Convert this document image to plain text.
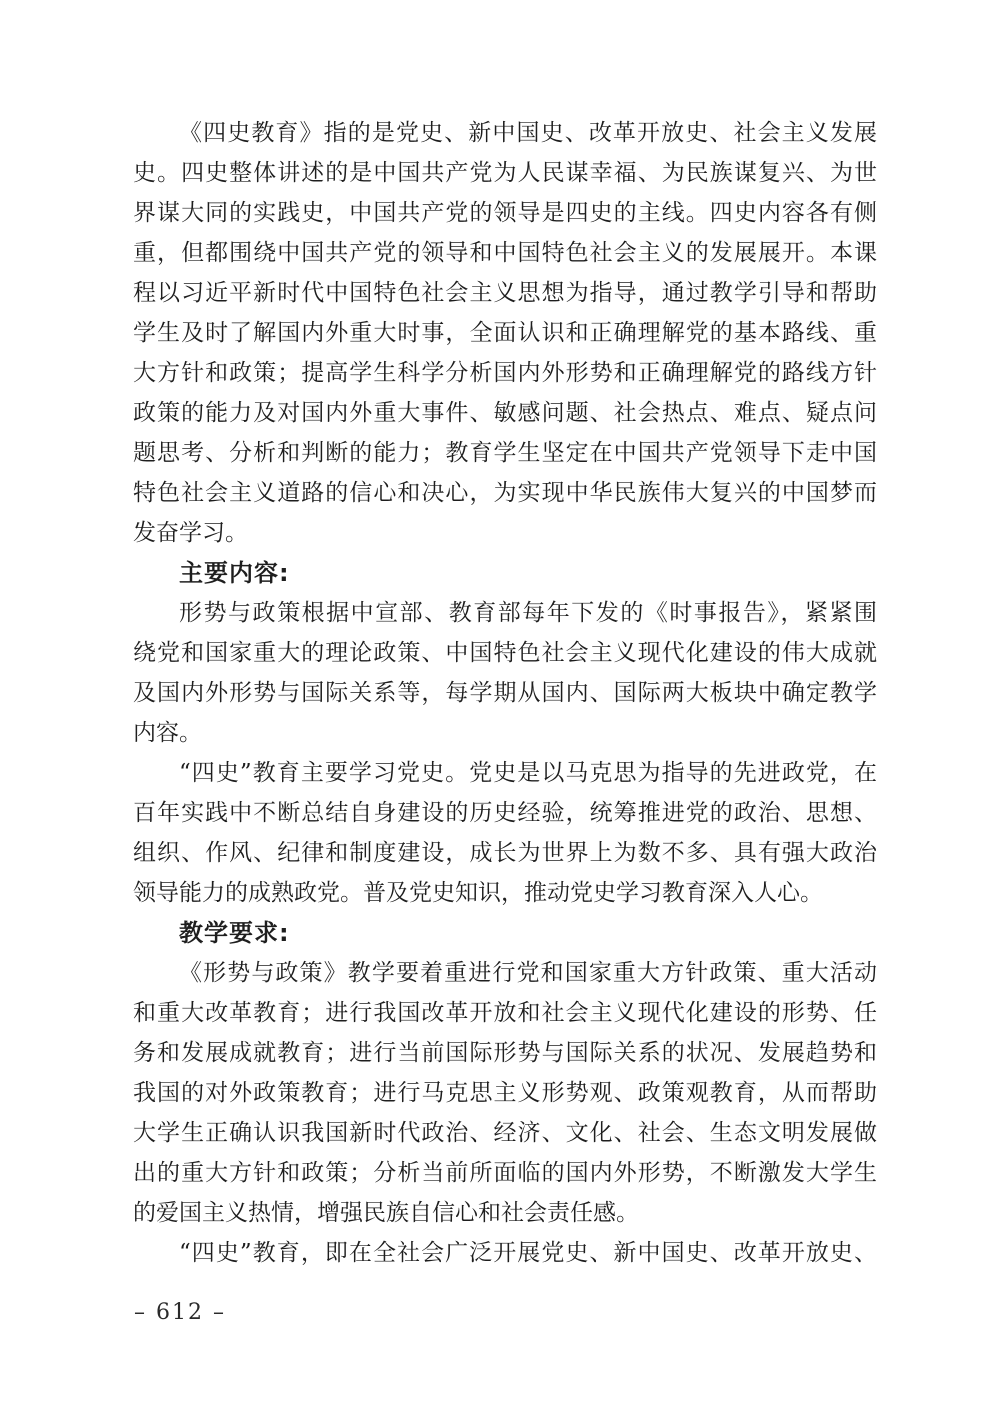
《四史教育》指的是党史、新中国史、改革开放史、社会主义发展
史。四史整体讲述的是中国共产党为人民谋幸福、为民族谋复兴、为世
界谋大同的实践史，中国共产党的领导是四史的主线。四史内容各有侧
重，但都围绕中国共产党的领导和中国特色社会主义的发展展开。本课
程以习近平新时代中国特色社会主义思想为指导，通过教学引导和帮助
学生及时了解国内外重大时事，全面认识和正确理解党的基本路线、重
大方针和政策；提高学生科学分析国内外形势和正确理解党的路线方针
政策的能力及对国内外重大事件、敏感问题、社会热点、难点、疑点问
题思考、分析和判断的能力；教育学生坚定在中国共产党领导下走中国
特色社会主义道路的信心和决心，为实现中华民族伟大复兴的中国梦而
发奋学习。
主要内容:
形势与政策根据中宣部、教育部每年下发的《时事报告》，紧紧围
绕党和国家重大的理论政策、中国特色社会主义现代化建设的伟大成就
及国内外形势与国际关系等，每学期从国内、国际两大板块中确定教学
内容。
“四史”教育主要学习党史。党史是以马克思为指导的先进政党，在
百年实践中不断总结自身建设的历史经验，统筹推进党的政治、思想、
组织、作风、纪律和制度建设，成长为世界上为数不多、具有强大政治
领导能力的成熟政党。普及党史知识，推动党史学习教育深入人心。
教学要求:
《形势与政策》教学要着重进行党和国家重大方针政策、重大活动
和重大改革教育；进行我国改革开放和社会主义现代化建设的形势、任
务和发展成就教育；进行当前国际形势与国际关系的状况、发展趋势和
我国的对外政策教育；进行马克思主义形势观、政策观教育，从而帮助
大学生正确认识我国新时代政治、经济、文化、社会、生态文明发展做
出的重大方针和政策；分析当前所面临的国内外形势，不断激发大学生
的爱国主义热情，增强民族自信心和社会责任感。
“四史”教育，即在全社会广泛开展党史、新中国史、改革开放史、
– 612 –
